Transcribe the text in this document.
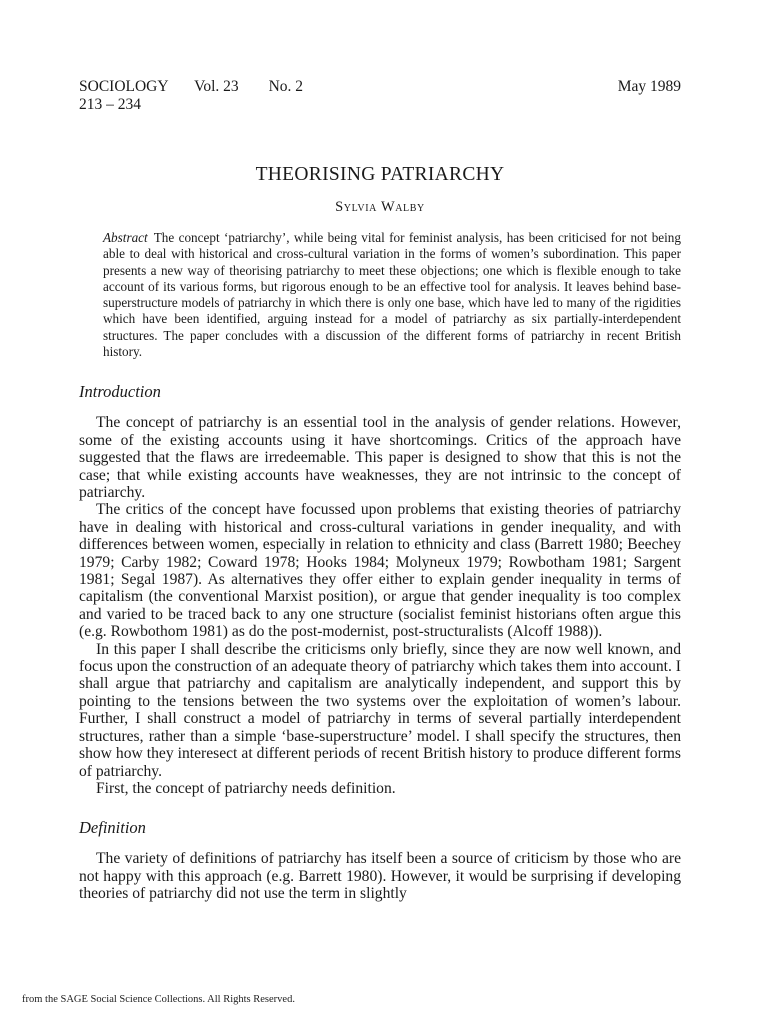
SOCIOLOGY Vol. 23 No. 2	May 1989
213 – 234
THEORISING PATRIARCHY
Sylvia Walby

Abstract The concept ‘patriarchy’, while being vital for feminist analysis, has been criticised for not being able to deal with historical and cross-cultural variation in the forms of women’s subordination. This paper presents a new way of theorising patriarchy to meet these objections; one which is flexible enough to take account of its various forms, but rigorous enough to be an effective tool for analysis. It leaves behind base-superstructure models of patriarchy in which there is only one base, which have led to many of the rigidities which have been identified, arguing instead for a model of patriarchy as six partially-interdependent structures. The paper concludes with a discussion of the different forms of patriarchy in recent British history.

Introduction

The concept of patriarchy is an essential tool in the analysis of gender relations. However, some of the existing accounts using it have shortcomings. Critics of the approach have suggested that the flaws are irredeemable. This paper is designed to show that this is not the case; that while existing accounts have weaknesses, they are not intrinsic to the concept of patriarchy.

The critics of the concept have focussed upon problems that existing theories of patriarchy have in dealing with historical and cross-cultural variations in gender inequality, and with differences between women, especially in relation to ethnicity and class (Barrett 1980; Beechey 1979; Carby 1982; Coward 1978; Hooks 1984; Molyneux 1979; Rowbotham 1981; Sargent 1981; Segal 1987). As alternatives they offer either to explain gender inequality in terms of capitalism (the conventional Marxist position), or argue that gender inequality is too complex and varied to be traced back to any one structure (socialist feminist historians often argue this (e.g. Rowbothom 1981) as do the post-modernist, post-structuralists (Alcoff 1988)).

In this paper I shall describe the criticisms only briefly, since they are now well known, and focus upon the construction of an adequate theory of patriarchy which takes them into account. I shall argue that patriarchy and capitalism are analytically independent, and support this by pointing to the tensions between the two systems over the exploitation of women’s labour. Further, I shall construct a model of patriarchy in terms of several partially interdependent structures, rather than a simple ‘base-superstructure’ model. I shall specify the structures, then show how they interesect at different periods of recent British history to produce different forms of patriarchy.

First, the concept of patriarchy needs definition.

Definition

The variety of definitions of patriarchy has itself been a source of criticism by those who are not happy with this approach (e.g. Barrett 1980). However, it would be surprising if developing theories of patriarchy did not use the term in slightly

from the SAGE Social Science Collections. All Rights Reserved.
